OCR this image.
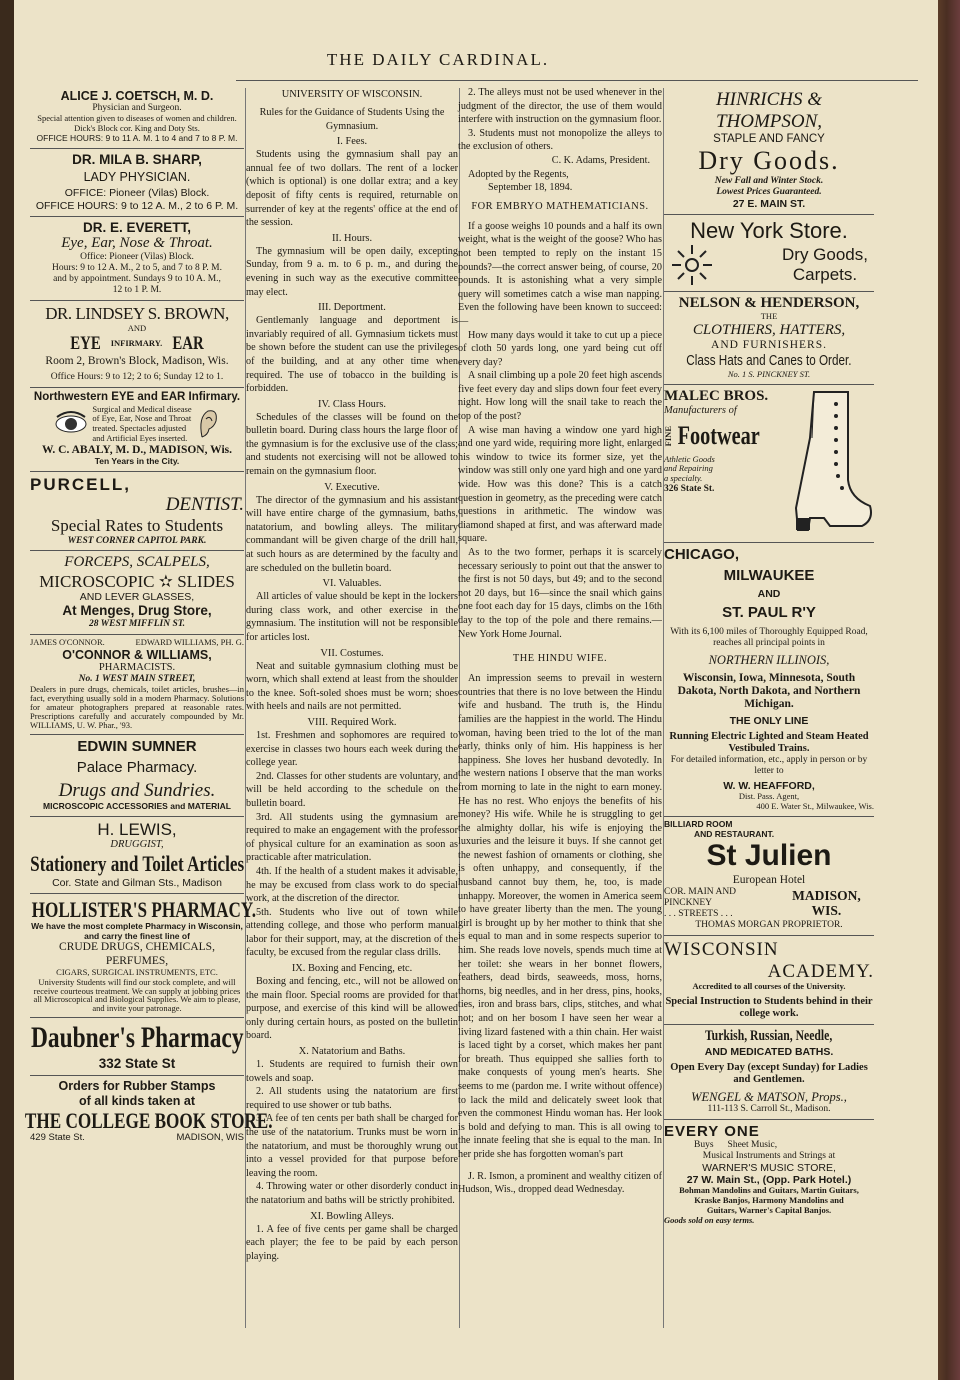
THE DAILY CARDINAL.
ALICE J. COETSCH, M. D.
Physician and Surgeon.
Special attention given to diseases of women and children.
Dick's Block cor. King and Doty Sts.
OFFICE HOURS: 9 to 11 A. M. 1 to 4 and 7 to 8 P. M.
DR. MILA B. SHARP,
LADY PHYSICIAN.
OFFICE: Pioneer (Vilas) Block.
OFFICE HOURS: 9 to 12 A. M., 2 to 6 P. M.
DR. E. EVERETT,
Eye, Ear, Nose & Throat.
Office: Pioneer (Vilas) Block.
Hours: 9 to 12 A. M., 2 to 5, and 7 to 8 P. M.
and by appointment. Sundays 9 to 10 A. M.,
12 to 1 P. M.
DR. LINDSEY S. BROWN,
AND
EYE INFIRMARY. EAR
Room 2, Brown's Block, Madison, Wis.
Office Hours: 9 to 12; 2 to 6; Sunday 12 to 1.
Northwestern EYE and EAR Infirmary.
Surgical and Medical disease
of Eye, Ear, Nose and Throat
treated. Spectacles adjusted
and Artificial Eyes inserted.
W. C. ABALY, M. D., MADISON, Wis.
Ten Years in the City.
PURCELL,
DENTIST.
Special Rates to Students
WEST CORNER CAPITOL PARK.
FORCEPS, SCALPELS,
MICROSCOPIC ✫ SLIDES
AND LEVER GLASSES,
At Menges, Drug Store,
28 WEST MIFFLIN ST.
JAMES O'CONNOR.	EDWARD WILLIAMS, PH. G.
O'CONNOR & WILLIAMS,
PHARMACISTS.
No. 1 WEST MAIN STREET,
Dealers in pure drugs, chemicals, toilet articles, brushes—in fact, everything usually sold in a modern Pharmacy. Solutions for amateur photographers prepared at reasonable rates. Prescriptions carefully and accurately compounded by Mr. WILLIAMS, U. W. Phar., '93.
EDWIN SUMNER
Palace Pharmacy.
Drugs and Sundries.
MICROSCOPIC ACCESSORIES and MATERIAL
H. LEWIS,
DRUGGIST,
Stationery and Toilet Articles
Cor. State and Gilman Sts., Madison
HOLLISTER'S PHARMACY.
We have the most complete Pharmacy in Wisconsin, and carry the finest line of
CRUDE DRUGS, CHEMICALS, PERFUMES,
CIGARS, SURGICAL INSTRUMENTS, ETC.
University Students will find our stock complete, and will receive courteous treatment. We can supply at jobbing prices all Microscopical and Biological Supplies. We aim to please, and invite your patronage.
Daubner's Pharmacy
332 State St
Orders for Rubber Stamps
of all kinds taken at
THE COLLEGE BOOK STORE.
429 State St.	MADISON, WIS
UNIVERSITY OF WISCONSIN.

Rules for the Guidance of Students Using the Gymnasium.

I. Fees.

Students using the gymnasium shall pay an annual fee of two dollars. The rent of a locker (which is optional) is one dollar extra; and a key deposit of fifty cents is required, returnable on surrender of key at the regents' office at the end of the session.

II. Hours.

The gymnasium will be open daily, excepting Sunday, from 9 a. m. to 6 p. m., and during the evening in such way as the executive committee may elect.

III. Deportment.

Gentlemanly language and deportment is invariably required of all. Gymnasium tickets must be shown before the student can use the privileges of the building, and at any other time when required. The use of tobacco in the building is forbidden.

IV. Class Hours.

Schedules of the classes will be found on the bulletin board. During class hours the large floor of the gymnasium is for the exclusive use of the class; and students not exercising will not be allowed to remain on the gymnasium floor.

V. Executive.

The director of the gymnasium and his assistant will have entire charge of the gymnasium, baths, natatorium, and bowling alleys. The military commandant will be given charge of the drill hall, at such hours as are determined by the faculty and are scheduled on the bulletin board.

VI. Valuables.

All articles of value should be kept in the lockers during class work, and other exercise in the gymnasium. The institution will not be responsible for articles lost.

VII. Costumes.

Neat and suitable gymnasium clothing must be worn, which shall extend at least from the shoulder to the knee. Soft-soled shoes must be worn; shoes with heels and nails are not permitted.

VIII. Required Work.

1st. Freshmen and sophomores are required to exercise in classes two hours each week during the college year.

2nd. Classes for other students are voluntary, and will be held according to the schedule on the bulletin board.

3rd. All students using the gymnasium are required to make an engagement with the professor of physical culture for an examination as soon as practicable after matriculation.

4th. If the health of a student makes it advisable, he may be excused from class work to do special work, at the discretion of the director.

5th. Students who live out of town while attending college, and those who perform manual labor for their support, may, at the discretion of the faculty, be excused from the regular class drills.

IX. Boxing and Fencing, etc.

Boxing and fencing, etc., will not be allowed on the main floor. Special rooms are provided for that purpose, and exercise of this kind will be allowed only during certain hours, as posted on the bulletin board.

X. Natatorium and Baths.

1. Students are required to furnish their own towels and soap.

2. All students using the natatorium are first required to use shower or tub baths.

3. A fee of ten cents per bath shall be charged for the use of the natatorium. Trunks must be worn in the natatorium, and must be thoroughly wrung out into a vessel provided for that purpose before leaving the room.

4. Throwing water or other disorderly conduct in the natatorium and baths will be strictly prohibited.

XI. Bowling Alleys.

1. A fee of five cents per game shall be charged each player; the fee to be paid by each person playing.

2. The alleys must not be used whenever in the judgment of the director, the use of them would interfere with instruction on the gymnasium floor.

3. Students must not monopolize the alleys to the exclusion of others.

C. K. Adams, President.

Adopted by the Regents,

September 18, 1894.

FOR EMBRYO MATHEMATICIANS.

If a goose weighs 10 pounds and a half its own weight, what is the weight of the goose? Who has not been tempted to reply on the instant 15 pounds?—the correct answer being, of course, 20 pounds. It is astonishing what a very simple query will sometimes catch a wise man napping. Even the following have been known to succeed:—

How many days would it take to cut up a piece of cloth 50 yards long, one yard being cut off every day?

A snail climbing up a pole 20 feet high ascends five feet every day and slips down four feet every night. How long will the snail take to reach the top of the post?

A wise man having a window one yard high and one yard wide, requiring more light, enlarged his window to twice its former size, yet the window was still only one yard high and one yard wide. How was this done? This is a catch question in geometry, as the preceding were catch questions in arithmetic. The window was diamond shaped at first, and was afterward made square.

As to the two former, perhaps it is scarcely necessary seriously to point out that the answer to the first is not 50 days, but 49; and to the second not 20 days, but 16—since the snail which gains one foot each day for 15 days, climbs on the 16th day to the top of the pole and there remains.—New York Home Journal.

THE HINDU WIFE.

An impression seems to prevail in western countries that there is no love between the Hindu wife and husband. The truth is, the Hindu families are the happiest in the world. The Hindu woman, having been tried to the lot of the man early, thinks only of him. His happiness is her happiness. She loves her husband devotedly. In the western nations I observe that the man works from morning to late in the night to earn money. He has no rest. Who enjoys the benefits of his money? His wife. While he is struggling to get the almighty dollar, his wife is enjoying the luxuries and the leisure it buys. If she cannot get the newest fashion of ornaments or clothing, she is often unhappy, and consequently, if the husband cannot buy them, he, too, is made unhappy. Moreover, the women in America seem to have greater liberty than the men. The young girl is brought up by her mother to think that she is equal to man and in some respects superior to him. She reads love novels, spends much time at her toilet: she wears in her bonnet flowers, feathers, dead birds, seaweeds, moss, horns, thorns, big needles, and in her dress, pins, hooks, ties, iron and brass bars, clips, stitches, and what not; and on her bosom I have seen her wear a living lizard fastened with a thin chain. Her waist is laced tight by a corset, which makes her pant for breath. Thus equipped she sallies forth to make conquests of young men's hearts. She seems to me (pardon me. I write without offence) to lack the mild and delicately sweet look that even the commonest Hindu woman has. Her look is bold and defying to man. This is all owing to the innate feeling that she is equal to the man. In her pride she has forgotten woman's part

J. R. Ismon, a prominent and wealthy citizen of Hudson, Wis., dropped dead Wednesday.

HINRICHS & THOMPSON,
STAPLE AND FANCY
Dry Goods.
New Fall and Winter Stock.
Lowest Prices Guaranteed.
27 E. MAIN ST.
New York Store.
Dry Goods,
Carpets.
NELSON & HENDERSON,
THE
CLOTHIERS, HATTERS,
AND FURNISHERS.
Class Hats and Canes to Order.
No. 1 S. PINCKNEY ST.
MALEC BROS.
Manufacturers of
FINE Footwear
Athletic Goods
and Repairing
a specialty.
326 State St.
CHICAGO,
MILWAUKEE
AND
ST. PAUL R'Y
With its 6,100 miles of Thoroughly Equipped Road, reaches all principal points in
NORTHERN ILLINOIS,
Wisconsin, Iowa, Minnesota, South Dakota, North Dakota, and Northern Michigan.
THE ONLY LINE
Running Electric Lighted and Steam Heated Vestibuled Trains.
For detailed information, etc., apply in person or by letter to
W. W. HEAFFORD,
Dist. Pass. Agent,
400 E. Water St., Milwaukee, Wis.
BILLIARD ROOM
AND RESTAURANT.
St Julien
European Hotel
COR. MAIN AND PINCKNEY
. . . STREETS . . .
MADISON, WIS.
THOMAS MORGAN PROPRIETOR.
WISCONSIN
ACADEMY.
Accredited to all courses of the University.
Special Instruction to Students behind in their college work.
Turkish, Russian, Needle,
AND MEDICATED BATHS.
Open Every Day (except Sunday) for Ladies and Gentlemen.
WENGEL & MATSON, Props.,
111-113 S. Carroll St., Madison.
EVERY ONE
Buys Sheet Music,
Musical Instruments and Strings at
WARNER'S MUSIC STORE,
27 W. Main St., (Opp. Park Hotel.)
Bohman Mandolins and Guitars, Martin Guitars,
Kraske Banjos, Harmony Mandolins and
Guitars, Warner's Capital Banjos.
Goods sold on easy terms.
